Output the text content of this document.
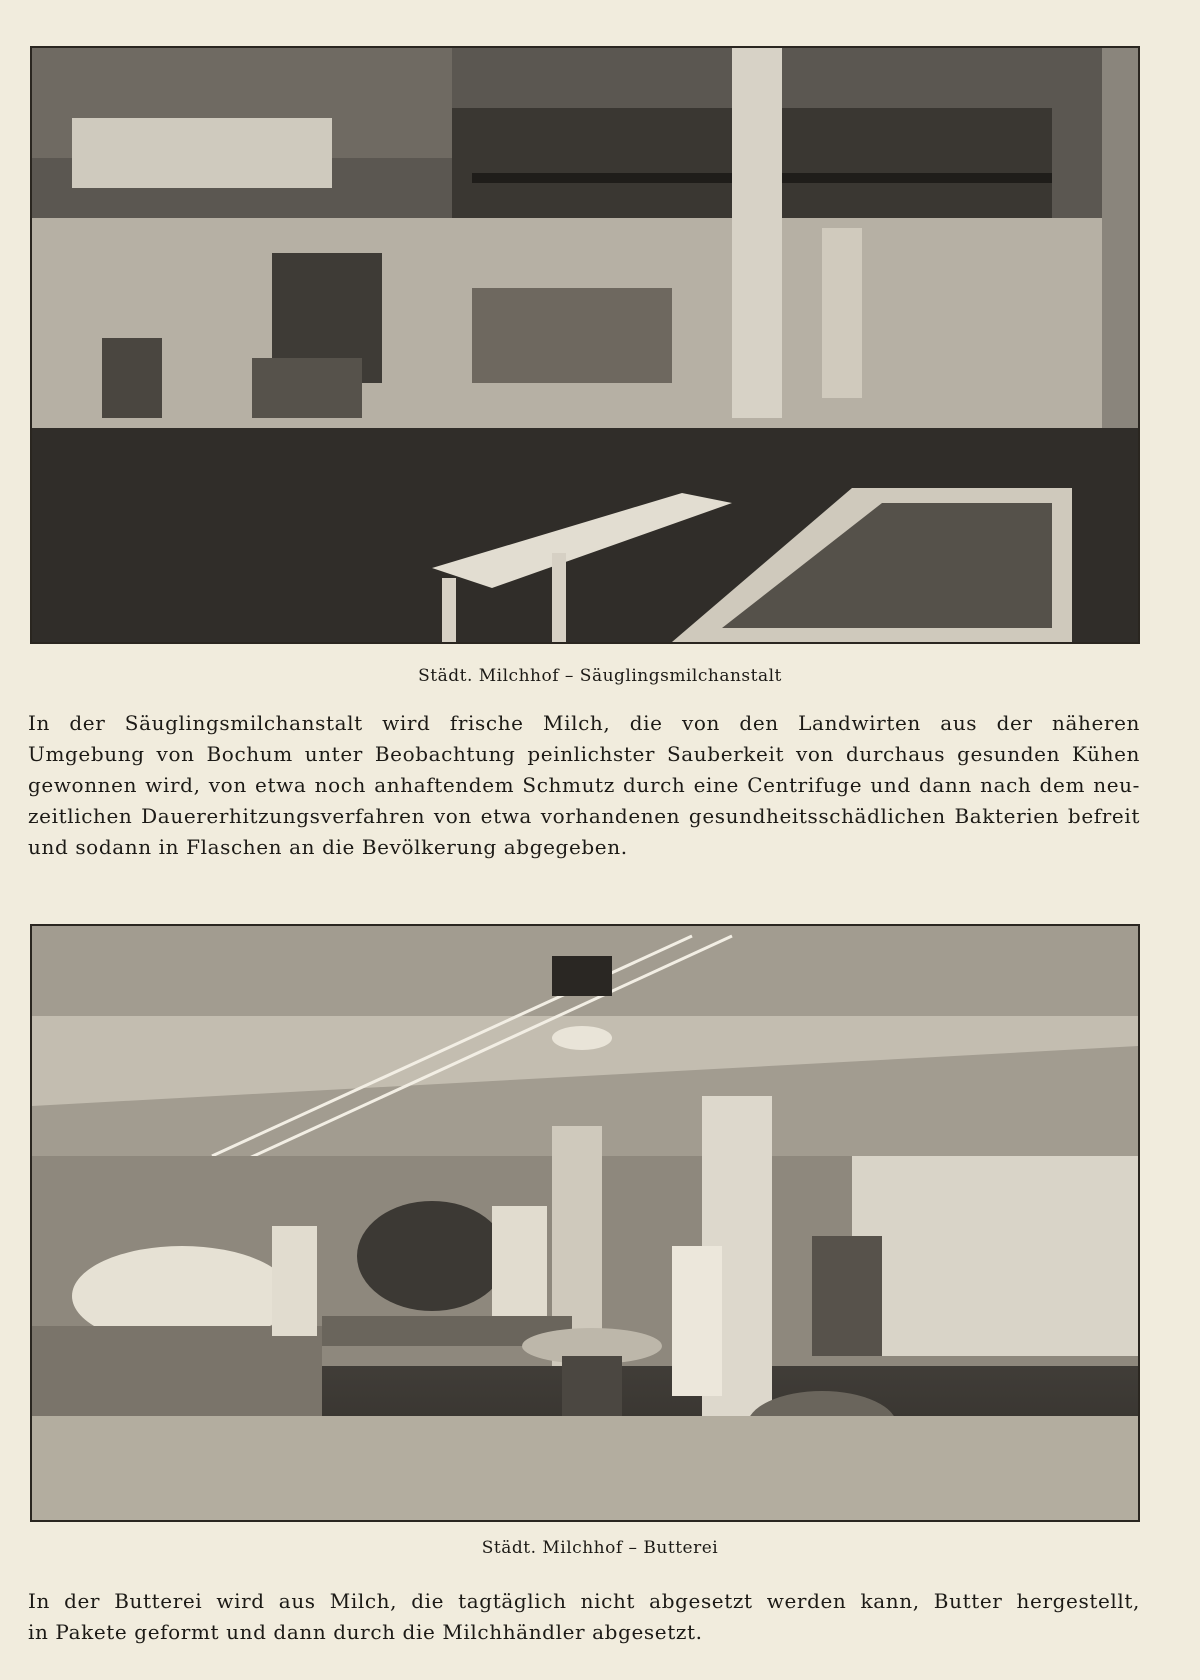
Städt. Milchhof – Säuglingsmilchanstalt
In der Säuglingsmilchanstalt wird frische Milch, die von den Landwirten aus der näheren
Umgebung von Bochum unter Beobachtung peinlichster Sauberkeit von durchaus gesunden Kühen
gewonnen wird, von etwa noch anhaftendem Schmutz durch eine Centrifuge und dann nach dem neu-
zeitlichen Dauererhitzungsverfahren von etwa vorhandenen gesundheitsschädlichen Bakterien befreit
und sodann in Flaschen an die Bevölkerung abgegeben.
Städt. Milchhof – Butterei
In der Butterei wird aus Milch, die tagtäglich nicht abgesetzt werden kann, Butter hergestellt,
in Pakete geformt und dann durch die Milchhändler abgesetzt.
